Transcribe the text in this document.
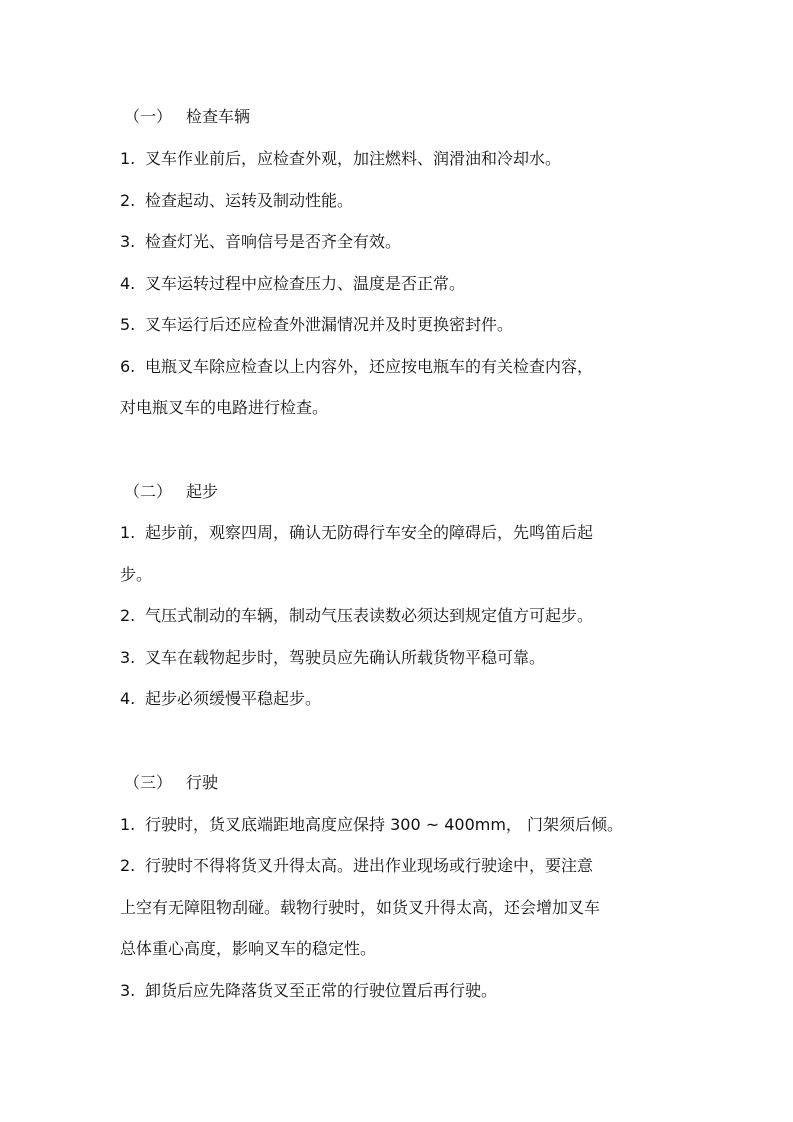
（一） 检查车辆
1. 叉车作业前后，应检查外观，加注燃料、润滑油和冷却水。
2. 检查起动、运转及制动性能。
3. 检查灯光、音响信号是否齐全有效。
4. 叉车运转过程中应检查压力、温度是否正常。
5. 叉车运行后还应检查外泄漏情况并及时更换密封件。
6. 电瓶叉车除应检查以上内容外，还应按电瓶车的有关检查内容，
对电瓶叉车的电路进行检查。
（二） 起步
1. 起步前，观察四周，确认无防碍行车安全的障碍后，先鸣笛后起
步。
2. 气压式制动的车辆，制动气压表读数必须达到规定值方可起步。
3. 叉车在载物起步时，驾驶员应先确认所载货物平稳可靠。
4. 起步必须缓慢平稳起步。
（三） 行驶
1. 行驶时，货叉底端距地高度应保持 300 ~ 400mm， 门架须后倾。
2. 行驶时不得将货叉升得太高。进出作业现场或行驶途中，要注意
上空有无障阻物刮碰。载物行驶时，如货叉升得太高，还会增加叉车
总体重心高度，影响叉车的稳定性。
3. 卸货后应先降落货叉至正常的行驶位置后再行驶。
